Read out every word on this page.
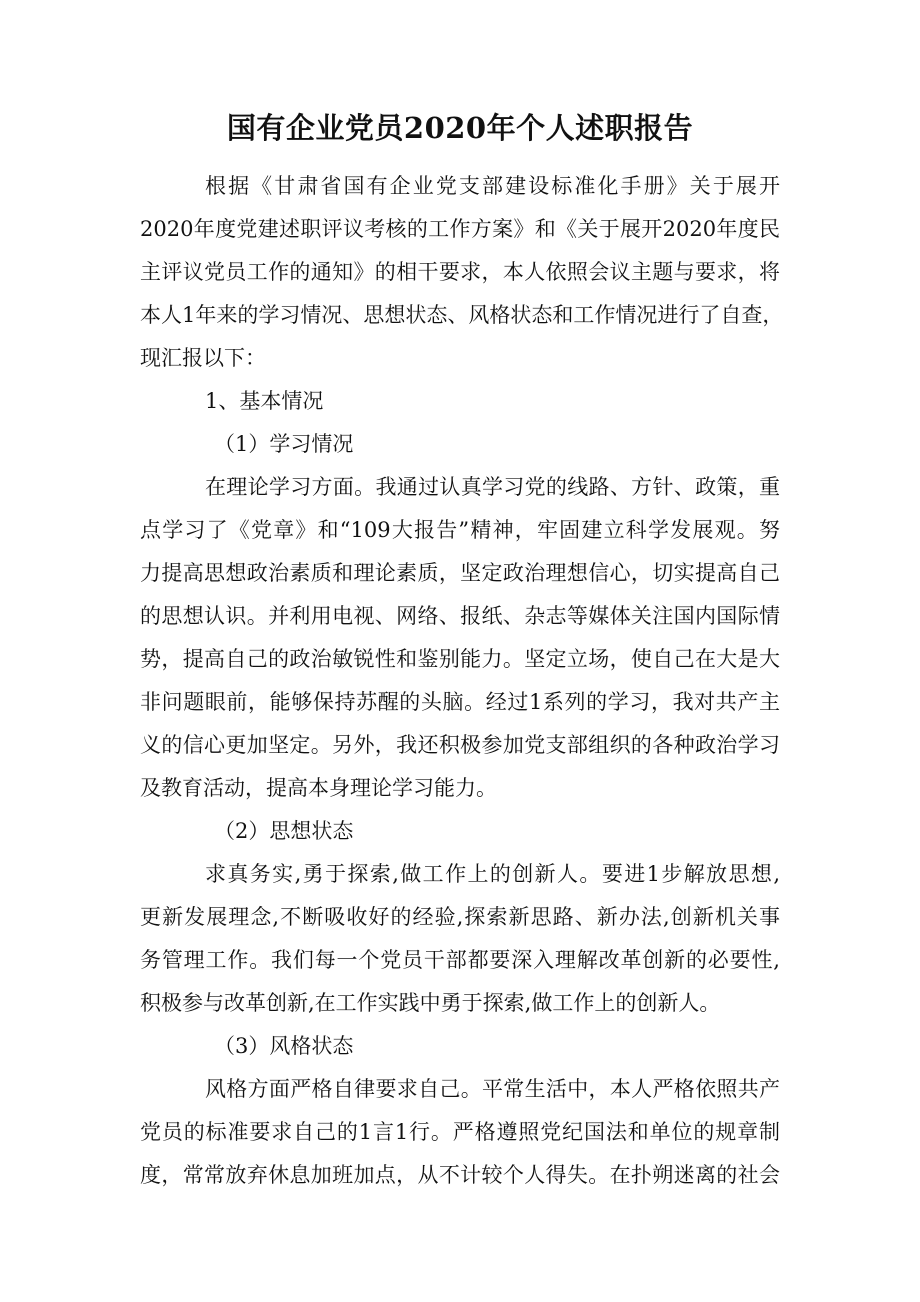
国有企业党员2020年个人述职报告
根据《甘肃省国有企业党支部建设标准化手册》关于展开
2020年度党建述职评议考核的工作方案》和《关于展开2020年度民
主评议党员工作的通知》的相干要求，本人依照会议主题与要求，将
本人1年来的学习情况、思想状态、风格状态和工作情况进行了自查，
现汇报以下：
1、基本情况
（1）学习情况
在理论学习方面。我通过认真学习党的线路、方针、政策，重
点学习了《党章》和“109大报告”精神，牢固建立科学发展观。努
力提高思想政治素质和理论素质，坚定政治理想信心，切实提高自己
的思想认识。并利用电视、网络、报纸、杂志等媒体关注国内国际情
势，提高自己的政治敏锐性和鉴别能力。坚定立场，使自己在大是大
非问题眼前，能够保持苏醒的头脑。经过1系列的学习，我对共产主
义的信心更加坚定。另外，我还积极参加党支部组织的各种政治学习
及教育活动，提高本身理论学习能力。
（2）思想状态
求真务实,勇于探索,做工作上的创新人。要进1步解放思想,
更新发展理念,不断吸收好的经验,探索新思路、新办法,创新机关事
务管理工作。我们每一个党员干部都要深入理解改革创新的必要性,
积极参与改革创新,在工作实践中勇于探索,做工作上的创新人。
（3）风格状态
风格方面严格自律要求自己。平常生活中，本人严格依照共产
党员的标准要求自己的1言1行。严格遵照党纪国法和单位的规章制
度，常常放弃休息加班加点，从不计较个人得失。在扑朔迷离的社会
